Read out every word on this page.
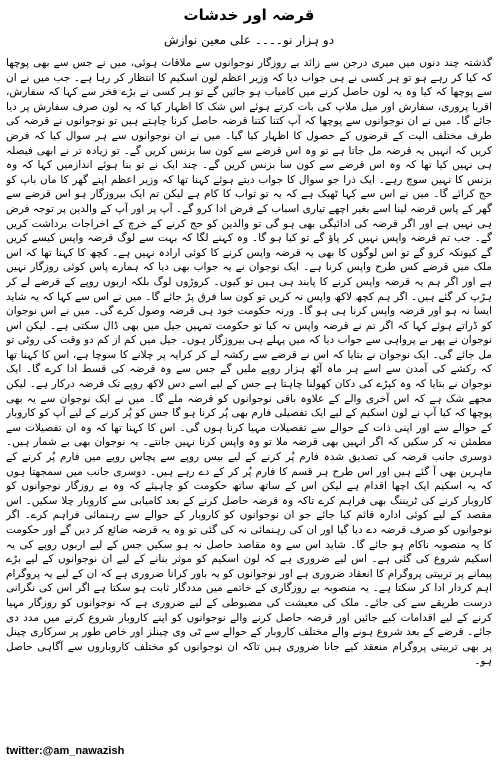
قرضہ اور خدشات
دو ہزار نو۔۔۔۔ علی معین نوازش

گذشتہ چند دنوں میں میری درجن سے زائد بے روزگار نوجوانوں سے ملاقات ہوئی، میں نے جس سے بھی پوچھا کہ کیا کر رہے ہو تو ہر کسی نے ہی جواب دیا کہ وزیر اعظم لون اسکیم کا انتظار کر رہا ہے۔ جب میں نے ان سے پوچھا کہ کیا وہ یہ لون حاصل کرنے میں کامیاب ہو جائیں گے تو ہر کسی نے بڑے فخر سے کہا کہ سفارش، اقربا پروری، سفارش اور میل ملاپ کی بات کرتے ہوئے اس شک کا اظہار کیا کہ یہ لون صرف سفارش پر دیا جائے گا۔ میں نے ان نوجوانوں سے پوچھا کہ آپ کتنا کتنا قرضہ حاصل کرنا چاہتے ہیں تو نوجوانوں نے قرضہ کی طرف مختلف الیت کے قرضوں کے حصول کا اظہار کیا گیا۔ میں نے ان نوجوانوں سے ہر سوال کیا کہ فرض کریں کہ انہیں یہ قرضہ مل جاتا ہے تو وہ اس قرضے سے کون سا بزنس کریں گے۔ تو زیادہ تر نے ابھی فیصلہ ہی نہیں کیا تھا کہ وہ اس قرضے سے کون سا بزنس کریں گے۔ چند ایک نے تو بنا ہوئے اندازمیں کہا کہ وہ بزنس کا نہیں سوچ رہے۔ ایک ذرا جو سوال کا جواب دیتے ہوئے کہنا تھا کہ وزیر اعظم اپنے گھر کا ماں باپ کو حج کرائے گا۔ میں نے اس سے کہا ٹھیک ہے کہ یہ تو ثواب کا کام ہے لیکن تم ایک بیروزگار ہو اس قرضے سے گھر کے پاس قرضہ لینا اسے بغیر اچھے تیاری اسباب کے فرض ادا کرو گے۔ آپ پر اور آپ کے والدین پر توجہ فرض ہی نہیں ہے اور اگر قرضہ کی ادائیگی بھی ہو گی تو والدین کو حج کرنے کے خرچ کے اخراجات برداشت کریں گے۔ جب تم قرضہ واپس نہیں کر پاؤ گے تو کیا ہو گا۔ وہ کہنے لگا کہ بہت سے لوگ قرضہ واپس کیسے کریں گے کیونکہ کرو گے تو اس لوگوں کا بھی یہ قرضہ واپس کرنے کا کوئی ارادہ نہیں ہے۔ کچھ کا کہنا تھا کہ اس ملک میں قرضے کس طرح واپس کرنا ہے۔ ایک نوجوان نے یہ جواب بھی دیا کہ ہمارے پاس کوئی روزگار نہیں ہے اور اگر ہم یہ قرضہ واپس کرنے کا پابند ہی ہیں تو کیوں۔ کروڑوں لوگ بلکہ اربوں روپے کے قرضے لے کر ہڑپ کر گئے ہیں۔ اگر ہم کچھ لاکھ واپس نہ کریں تو کون سا فرق پڑ جائے گا۔ میں نے اس سے کہا کہ یہ شاید ایسا نہ ہو اور قرضہ واپس کرنا ہی ہو گا۔ ورنہ حکومت خود ہی قرضہ وصول کرے گی۔ میں نے اس نوجوان کو ڈراتے ہوئے کہا کہ اگر تم نے قرضہ واپس نہ کیا تو حکومت تمہیں جیل میں بھی ڈال سکتی ہے۔ لیکن اس نوجوان نے پھر بے پرواہی سے جواب دیا کہ میں پہلے ہی بیروزگار ہوں۔ جیل میں کم از کم دو وقت کی روٹی تو مل جائے گی۔ ایک نوجوان نے بتایا کہ اس نے قرضے سے رکشہ لے کر کرایہ پر چلانے کا سوچا ہے، اس کا کہنا تھا کہ رکشے کی آمدن سے اسے ہر ماہ آٹھ ہزار روپے ملیں گے جس سے وہ قرضہ کی قسط ادا کرے گا۔ ایک نوجوان نے بتایا کہ وہ کپڑے کی دکان کھولنا چاہتا ہے جس کے لیے اسے دس لاکھ روپے تک قرضہ درکار ہے۔ لیکن مجھے شک ہے کہ اس آخری والے کے علاوہ باقی نوجوانوں کو قرضہ ملے گا۔ میں نے ایک نوجوان سے یہ بھی پوچھا کہ کیا آپ نے لون اسکیم کے لیے ایک تفصیلی فارم بھی پُر کرنا ہو گا جس کو پُر کرنے کے لیے آپ کو کاروبار کے حوالے سے اور اپنی ذات کے حوالے سے تفصیلات مہیا کرنا ہوں گی۔ اس کا کہنا تھا کہ وہ ان تفصیلات سے مطمئن نہ کر سکیں کہ اگر انہیں بھی قرضہ ملا تو وہ واپس کرنا نہیں جانتے۔ یہ نوجوان بھی بے شمار ہیں۔ دوسری جانب قرضہ کی تصدیق شدہ فارم پُر کرنے کے لیے بیس روپے سے پچاس روپے میں فارم پُر کرنے کے ماہرین بھی آ گئے ہیں اور اس طرح ہر قسم کا فارم پُر کر کے دے رہے ہیں۔ دوسری جانب میں سمجھتا ہوں کہ یہ اسکیم ایک اچھا اقدام ہے لیکن اس کے ساتھ ساتھ حکومت کو چاہیئے کہ وہ بے روزگار نوجوانوں کو کاروبار کرنے کی ٹریننگ بھی فراہم کرے تاکہ وہ قرضہ حاصل کرنے کے بعد کامیابی سے کاروبار چلا سکیں۔ اس مقصد کے لیے کوئی ادارہ قائم کیا جائے جو ان نوجوانوں کو کاروبار کے حوالے سے رہنمائی فراہم کرے۔ اگر نوجوانوں کو صرف قرضہ دے دیا گیا اور ان کی رہنمائی نہ کی گئی تو وہ یہ قرضہ ضائع کر دیں گے اور حکومت کا یہ منصوبہ ناکام ہو جائے گا۔ شاید اس سے وہ مقاصد حاصل نہ ہو سکیں جس کے لیے اربوں روپے کی یہ اسکیم شروع کی گئی ہے۔ اس لیے ضروری ہے کہ لون اسکیم کو موثر بنانے کے لیے ان نوجوانوں کے لیے بڑے پیمانے پر تربیتی پروگرام کا انعقاد ضروری ہے اور نوجوانوں کو یہ باور کرانا ضروری ہے کہ ان کے لیے یہ پروگرام اہم کردار ادا کر سکتا ہے۔ یہ منصوبہ بے روزگاری کے خاتمے میں مددگار ثابت ہو سکتا ہے اگر اس کی نگرانی درست طریقے سے کی جائے۔ ملک کی معیشت کی مضبوطی کے لیے ضروری ہے کہ نوجوانوں کو روزگار مہیا کرنے کے لیے اقدامات کیے جائیں اور قرضہ حاصل کرنے والے نوجوانوں کو اپنے کاروبار شروع کرنے میں مدد دی جائے۔ قرضے کے بعد شروع ہونے والے مختلف کاروبار کے حوالے سے ٹی وی چینلز اور خاص طور پر سرکاری چینل پر بھی تربیتی پروگرام منعقد کیے جانا ضروری ہیں تاکہ ان نوجوانوں کو مختلف کاروباروں سے آگاہی حاصل ہو۔

twitter:@am_nawazish
